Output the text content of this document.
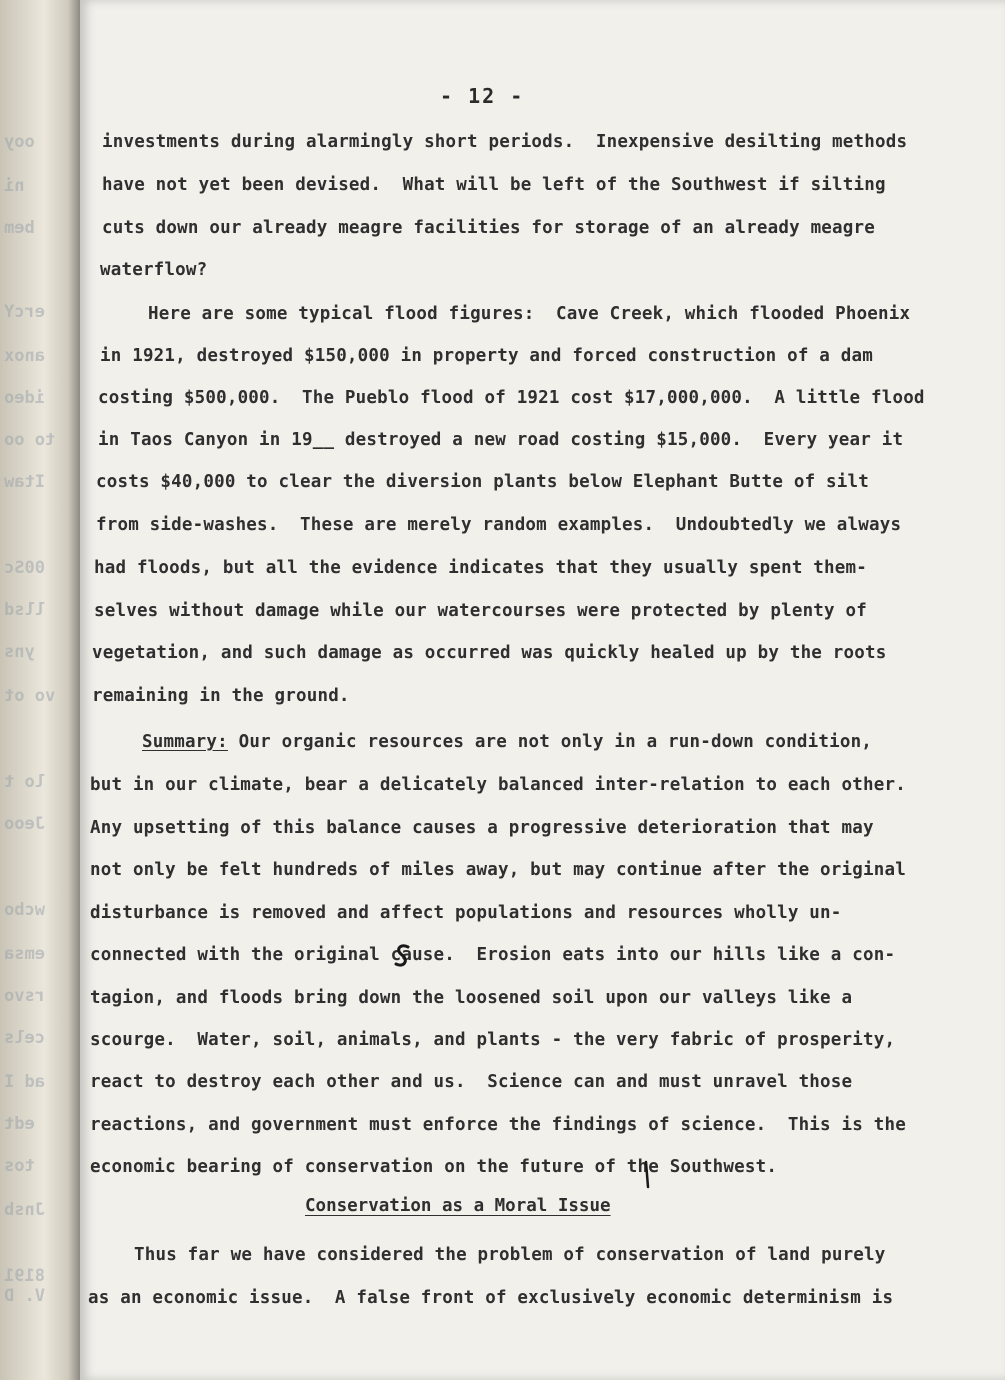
ooy
ni
bem
ercY
anox
ideo
to oo
Itaw
00Sc
llsd
yns
vo ot
lo t
Jeoo
wcbo
emsa
rsvo
cels
ad I
edt
tos
Jnsb
8191
V. D
- 12 -
investments during alarmingly short periods.  Inexpensive desilting methods
have not yet been devised.  What will be left of the Southwest if silting
cuts down our already meagre facilities for storage of an already meagre
waterflow?
Here are some typical flood figures:  Cave Creek, which flooded Phoenix
in 1921, destroyed $150,000 in property and forced construction of a dam
costing $500,000.  The Pueblo flood of 1921 cost $17,000,000.  A little flood
in Taos Canyon in 19__ destroyed a new road costing $15,000.  Every year it
costs $40,000 to clear the diversion plants below Elephant Butte of silt
from side-washes.  These are merely random examples.  Undoubtedly we always
had floods, but all the evidence indicates that they usually spent them-
selves without damage while our watercourses were protected by plenty of
vegetation, and such damage as occurred was quickly healed up by the roots
remaining in the ground.
Summary: Our organic resources are not only in a run-down condition,
but in our climate, bear a delicately balanced inter-relation to each other.
Any upsetting of this balance causes a progressive deterioration that may
not only be felt hundreds of miles away, but may continue after the original
disturbance is removed and affect populations and resources wholly un-
connected with the original cause.  Erosion eats into our hills like a con-
tagion, and floods bring down the loosened soil upon our valleys like a
scourge.  Water, soil, animals, and plants - the very fabric of prosperity,
react to destroy each other and us.  Science can and must unravel those
reactions, and government must enforce the findings of science.  This is the
economic bearing of conservation on the future of the Southwest.
Conservation as a Moral Issue
Thus far we have considered the problem of conservation of land purely
as an economic issue.  A false front of exclusively economic determinism is
